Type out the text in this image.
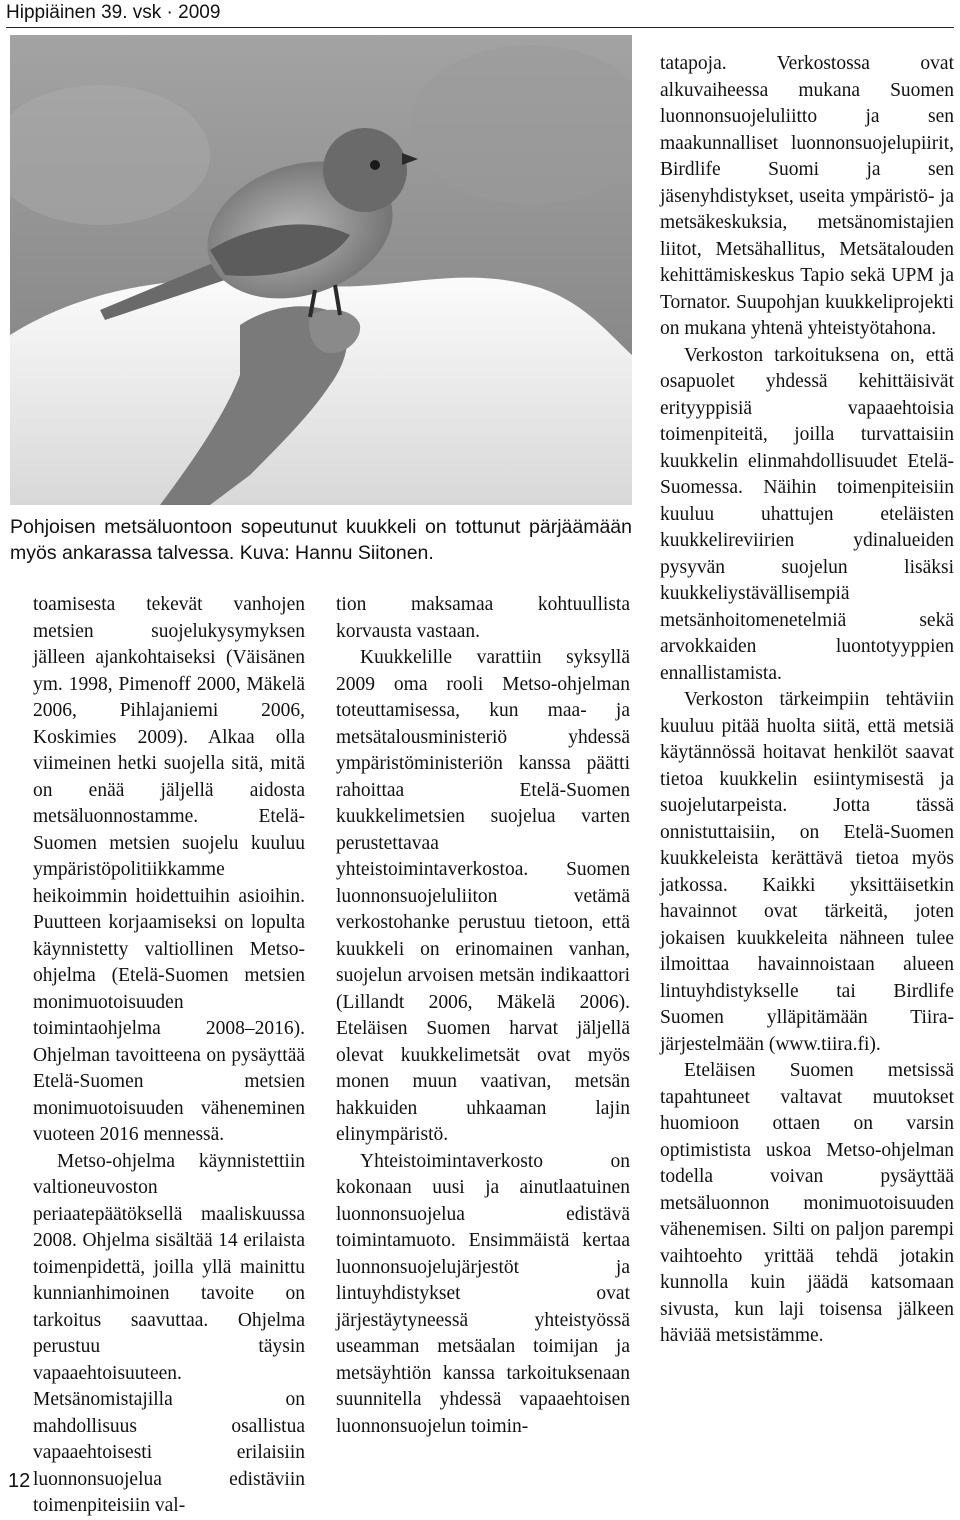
Hippiäinen 39. vsk · 2009
Pohjoisen metsäluontoon sopeutunut kuukkeli on tottunut pärjäämään myös ankarassa talvessa. Kuva: Hannu Siitonen.

toamisesta tekevät vanhojen metsien suojelukysymyksen jälleen ajankohtaiseksi (Väisänen ym. 1998, Pimenoff 2000, Mäkelä 2006, Pihlajaniemi 2006, Koskimies 2009). Alkaa olla viimeinen hetki suojella sitä, mitä on enää jäljellä aidosta metsäluonnostamme. Etelä-Suomen metsien suojelu kuuluu ympäristöpolitiikkamme heikoimmin hoidettuihin asioihin. Puutteen korjaamiseksi on lopulta käynnistetty valtiollinen Metso-ohjelma (Etelä-Suomen metsien monimuotoisuuden toimintaohjelma 2008–2016). Ohjelman tavoitteena on pysäyttää Etelä-Suomen metsien monimuotoisuuden väheneminen vuoteen 2016 mennessä.

Metso-ohjelma käynnistettiin valtioneuvoston periaatepäätöksellä maaliskuussa 2008. Ohjelma sisältää 14 erilaista toimenpidettä, joilla yllä mainittu kunnianhimoinen tavoite on tarkoitus saavuttaa. Ohjelma perustuu täysin vapaaehtoisuuteen. Metsänomistajilla on mahdollisuus osallistua vapaaehtoisesti erilaisiin luonnonsuojelua edistäviin toimenpiteisiin val-

tion maksamaa kohtuullista korvausta vastaan.

Kuukkelille varattiin syksyllä 2009 oma rooli Metso-ohjelman toteuttamisessa, kun maa- ja metsätalousministeriö yhdessä ympäristöministeriön kanssa päätti rahoittaa Etelä-Suomen kuukkelimetsien suojelua varten perustettavaa yhteistoimintaverkostoa. Suomen luonnonsuojeluliiton vetämä verkostohanke perustuu tietoon, että kuukkeli on erinomainen vanhan, suojelun arvoisen metsän indikaattori (Lillandt 2006, Mäkelä 2006). Eteläisen Suomen harvat jäljellä olevat kuukkelimetsät ovat myös monen muun vaativan, metsän hakkuiden uhkaaman lajin elinympäristö.

Yhteistoimintaverkosto on kokonaan uusi ja ainutlaatuinen luonnonsuojelua edistävä toimintamuoto. Ensimmäistä kertaa luonnonsuojelujärjestöt ja lintuyhdistykset ovat järjestäytyneessä yhteistyössä useamman metsäalan toimijan ja metsäyhtiön kanssa tarkoituksenaan suunnitella yhdessä vapaaehtoisen luonnonsuojelun toimin-

tatapoja. Verkostossa ovat alkuvaiheessa mukana Suomen luonnonsuojeluliitto ja sen maakunnalliset luonnonsuojelupiirit, Birdlife Suomi ja sen jäsenyhdistykset, useita ympäristö- ja metsäkeskuksia, metsänomistajien liitot, Metsähallitus, Metsätalouden kehittämiskeskus Tapio sekä UPM ja Tornator. Suupohjan kuukkeliprojekti on mukana yhtenä yhteistyötahona.

Verkoston tarkoituksena on, että osapuolet yhdessä kehittäisivät erityyppisiä vapaaehtoisia toimenpiteitä, joilla turvattaisiin kuukkelin elinmahdollisuudet Etelä-Suomessa. Näihin toimenpiteisiin kuuluu uhattujen eteläisten kuukkelireviirien ydinalueiden pysyvän suojelun lisäksi kuukkeliystävällisempiä metsänhoitomenetelmiä sekä arvokkaiden luontotyyppien ennallistamista.

Verkoston tärkeimpiin tehtäviin kuuluu pitää huolta siitä, että metsiä käytännössä hoitavat henkilöt saavat tietoa kuukkelin esiintymisestä ja suojelutarpeista. Jotta tässä onnistuttaisiin, on Etelä-Suomen kuukkeleista kerättävä tietoa myös jatkossa. Kaikki yksittäisetkin havainnot ovat tärkeitä, joten jokaisen kuukkeleita nähneen tulee ilmoittaa havainnoistaan alueen lintuyhdistykselle tai Birdlife Suomen ylläpitämään Tiira-järjestelmään (www.tiira.fi).

Eteläisen Suomen metsissä tapahtuneet valtavat muutokset huomioon ottaen on varsin optimistista uskoa Metso-ohjelman todella voivan pysäyttää metsäluonnon monimuotoisuuden vähenemisen. Silti on paljon parempi vaihtoehto yrittää tehdä jotakin kunnolla kuin jäädä katsomaan sivusta, kun laji toisensa jälkeen häviää metsistämme.

12
